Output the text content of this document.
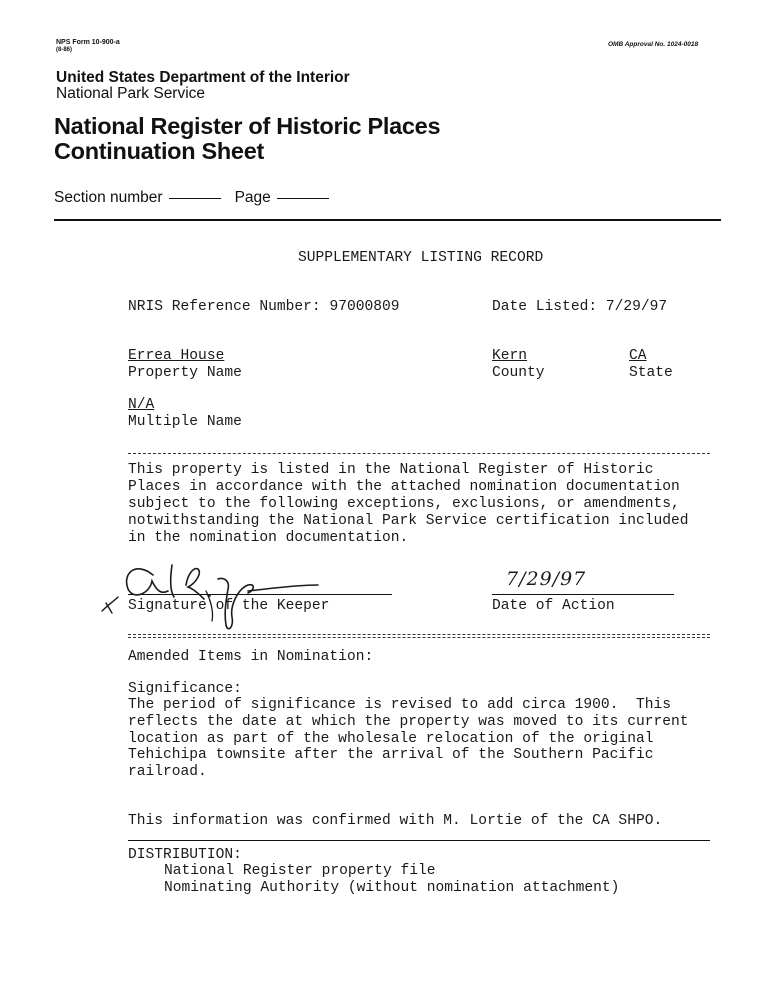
NPS Form 10-900-a
(8-86)
OMB Approval No. 1024-0018
United States Department of the Interior
National Park Service
National Register of Historic Places
Continuation Sheet
Section number	Page
SUPPLEMENTARY LISTING RECORD
NRIS Reference Number: 97000809	Date Listed: 7/29/97
Errea House
Property Name
Kern
County
CA
State
N/A
Multiple Name
This property is listed in the National Register of Historic
Places in accordance with the attached nomination documentation
subject to the following exceptions, exclusions, or amendments,
notwithstanding the National Park Service certification included
in the nomination documentation.
Signature of the Keeper
7/29/97
Date of Action
Amended Items in Nomination:
Significance:
The period of significance is revised to add circa 1900.  This
reflects the date at which the property was moved to its current
location as part of the wholesale relocation of the original
Tehichipa townsite after the arrival of the Southern Pacific
railroad.
This information was confirmed with M. Lortie of the CA SHPO.
DISTRIBUTION:
National Register property file
Nominating Authority (without nomination attachment)
